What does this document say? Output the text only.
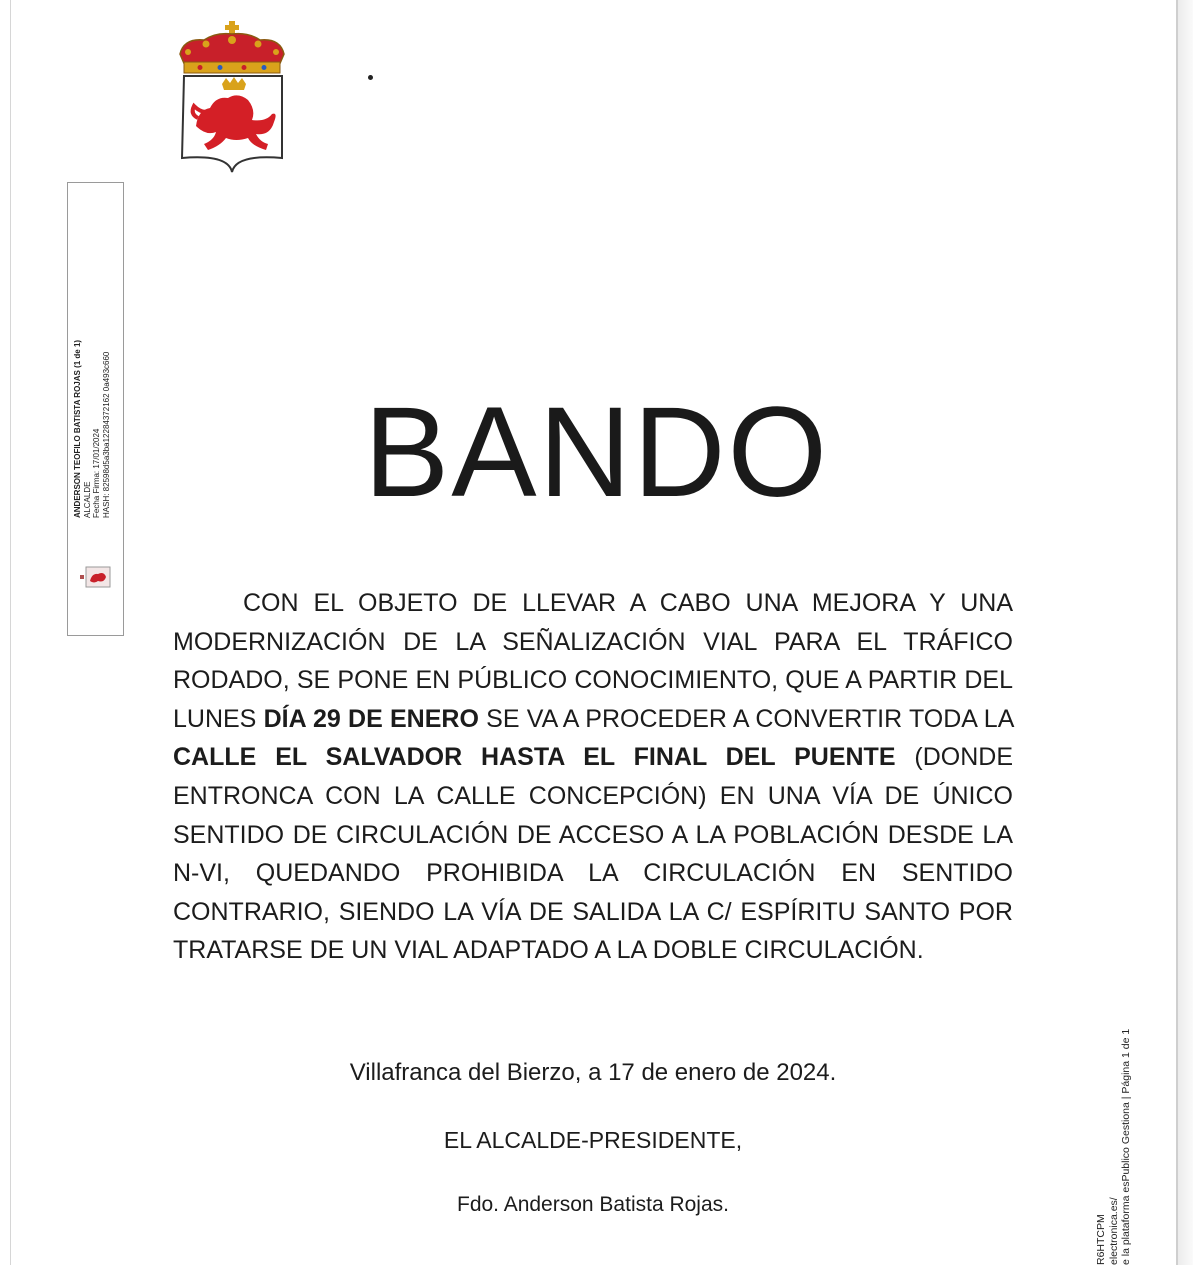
ANDERSON TEOFILO BATISTA ROJAS (1 de 1) ALCALDE Fecha Firma: 17/01/2024 HASH: 82598d5a3ba12284372162 0a493c660	BANDO

CON EL OBJETO DE LLEVAR A CABO UNA MEJORA Y UNA MODERNIZACIÓN DE LA SEÑALIZACIÓN VIAL PARA EL TRÁFICO RODADO, SE PONE EN PÚBLICO CONOCIMIENTO, QUE A PARTIR DEL LUNES DÍA 29 DE ENERO SE VA A PROCEDER A CONVERTIR TODA LA CALLE EL SALVADOR HASTA EL FINAL DEL PUENTE (DONDE ENTRONCA CON LA CALLE CONCEPCIÓN) EN UNA VÍA DE ÚNICO SENTIDO DE CIRCULACIÓN DE ACCESO A LA POBLACIÓN DESDE LA N-VI, QUEDANDO PROHIBIDA LA CIRCULACIÓN EN SENTIDO CONTRARIO, SIENDO LA VÍA DE SALIDA LA C/ ESPÍRITU SANTO POR TRATARSE DE UN VIAL ADAPTADO A LA DOBLE CIRCULACIÓN.

Villafranca del Bierzo, a 17 de enero de 2024.
EL ALCALDE-PRESIDENTE,
Fdo. Anderson Batista Rojas.
R6HTCPM electronica.es/ e la plataforma esPublico Gestiona | Página 1 de 1
